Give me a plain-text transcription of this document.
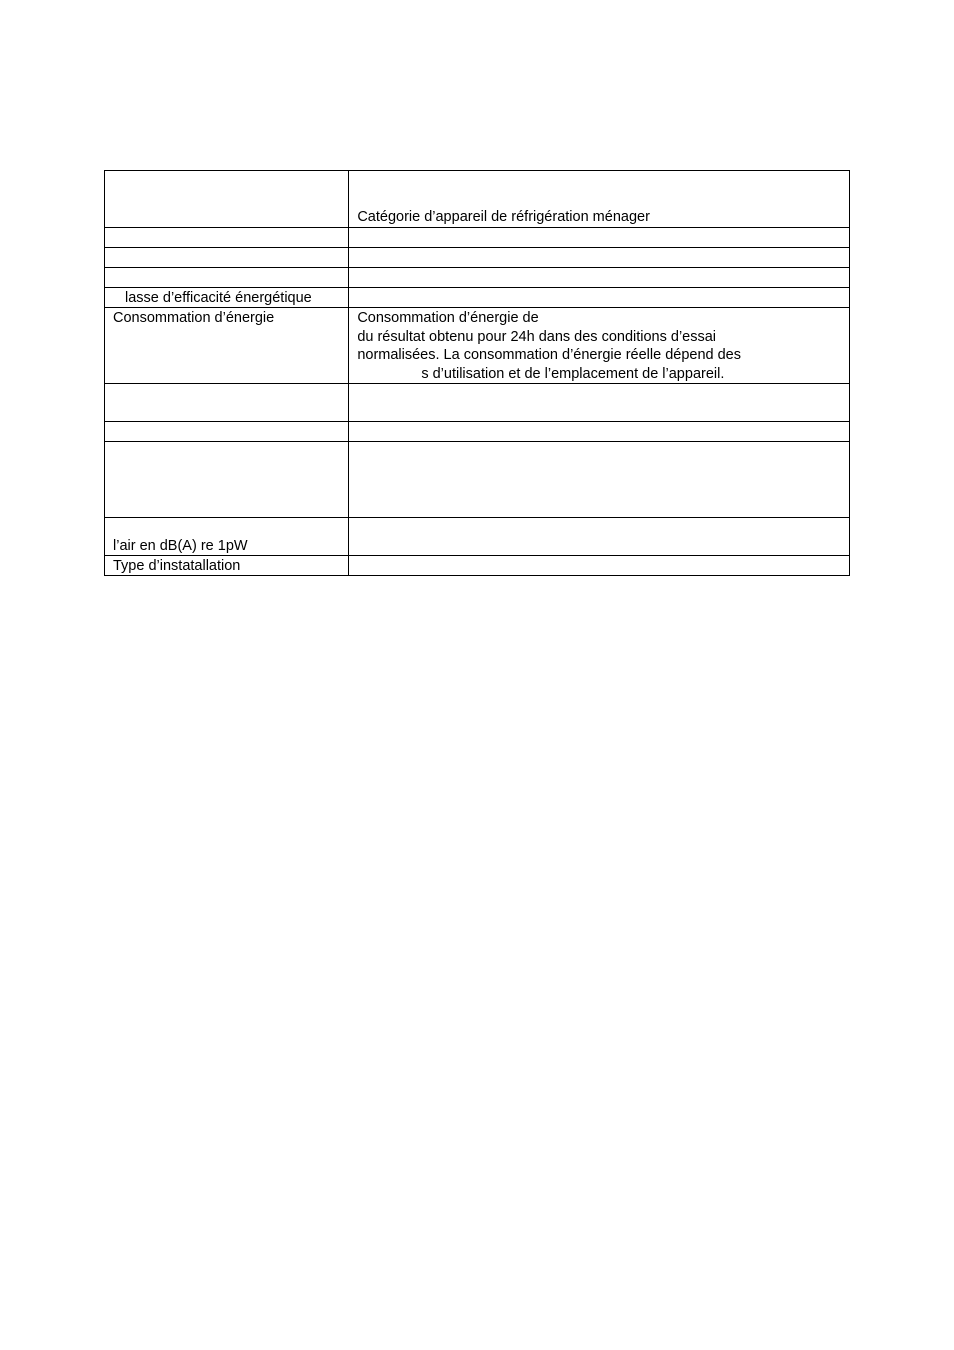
	Catégorie d’appareil de réfrigération ménager

lasse d’efficacité énergétique	

Consommation d’énergie	Consommation d’énergie de
du résultat obtenu pour 24h dans des conditions d’essai
normalisées. La consommation d’énergie réelle dépend des
s d’utilisation et de l’emplacement de l’appareil.

l’air en dB(A) re 1pW	
Type d’instatallation	
